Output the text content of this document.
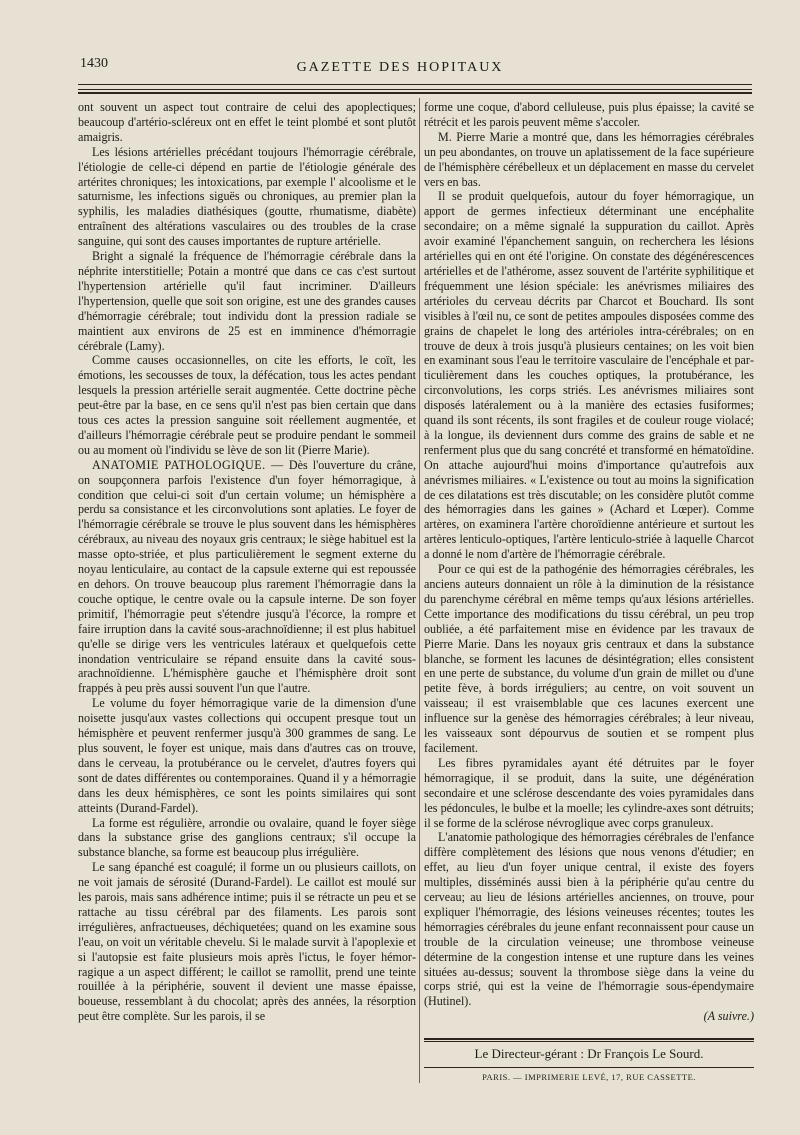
1430	GAZETTE DES HOPITAUX

ont souvent un aspect tout contraire de celui des apoplectiques; beaucoup d'artério-scléreux ont en effet le teint plombé et sont plutôt amaigris.

Les lésions artérielles précédant toujours l'hémorragie cérébrale, l'étiologie de celle-ci dépend en partie de l'étiologie générale des artérites chroniques; les intoxications, par exemple l' alcoolisme et le saturnisme, les infections siguës ou chroniques, au premier plan la syphilis, les maladies diathésiques (goutte, rhumatisme, diabète) entraînent des altérations vasculaires ou des troubles de la crase sanguine, qui sont des causes importantes de rupture artérielle.

Bright a signalé la fréquence de l'hémorragie cérébrale dans la néphrite interstitielle; Potain a montré que dans ce cas c'est surtout l'hypertension artérielle qu'il faut incriminer. D'ailleurs l'hypertension, quelle que soit son origine, est une des grandes causes d'hémorragie cérébrale; tout individu dont la pression radiale se maintient aux environs de 25 est en imminence d'hémorragie cérébrale (Lamy).

Comme causes occasionnelles, on cite les efforts, le coït, les émotions, les secousses de toux, la défécation, tous les actes pendant lesquels la pression artérielle serait augmentée. Cette doctrine pèche peut-être par la base, en ce sens qu'il n'est pas bien certain que dans tous ces actes la pression sanguine soit réellement augmentée, et d'ailleurs l'hémorragie cérébrale peut se produire pendant le sommeil ou au moment où l'individu se lève de son lit (Pierre Marie).

ANATOMIE PATHOLOGIQUE. — Dès l'ouverture du crâne, on soupçonnera parfois l'existence d'un foyer hémorragique, à condition que celui-ci soit d'un certain volume; un hémisphère a perdu sa consistance et les circonvolutions sont aplaties. Le foyer de l'hémorragie cérébrale se trouve le plus souvent dans les hémisphères cérébraux, au niveau des noyaux gris centraux; le siège habituel est la masse opto-striée, et plus particulièrement le segment externe du noyau lenticulaire, au contact de la capsule externe qui est repoussée en dehors. On trouve beaucoup plus rarement l'hémorragie dans la couche optique, le centre ovale ou la capsule interne. De son foyer primitif, l'hémorragie peut s'étendre jusqu'à l'écorce, la rompre et faire irruption dans la cavité sous-arachnoïdienne; il est plus habituel qu'elle se dirige vers les ventricules latéraux et quelquefois cette inondation ventriculaire se répand ensuite dans la cavité sous-arachnoïdienne. L'hémisphère gauche et l'hémisphère droit sont frappés à peu près aussi souvent l'un que l'autre.

Le volume du foyer hémorragique varie de la dimension d'une noisette jusqu'aux vastes collections qui occupent presque tout un hémisphère et peuvent renfermer jusqu'à 300 grammes de sang. Le plus souvent, le foyer est unique, mais dans d'autres cas on trouve, dans le cerveau, la protubérance ou le cervelet, d'autres foyers qui sont de dates différentes ou contemporaines. Quand il y a hémorragie dans les deux hémisphères, ce sont les points similaires qui sont atteints (Durand-Fardel).

La forme est régulière, arrondie ou ovalaire, quand le foyer siège dans la substance grise des ganglions centraux; s'il occupe la substance blanche, sa forme est beaucoup plus irrégulière.

Le sang épanché est coagulé; il forme un ou plusieurs caillots, on ne voit jamais de sérosité (Durand-Fardel). Le caillot est moulé sur les parois, mais sans adhérence intime; puis il se rétracte un peu et se rattache au tissu cérébral par des filaments. Les parois sont irrégulières, anfractueuses, déchiquetées; quand on les examine sous l'eau, on voit un véritable chevelu. Si le malade survit à l'apoplexie et si l'autopsie est faite plusieurs mois après l'ictus, le foyer hémorragique a un aspect différent; le caillot se ramollit, prend une teinte rouillée à la périphérie, souvent il devient une masse épaisse, boueuse, ressemblant à du chocolat; après des années, la résorption peut être complète. Sur les parois, il se

forme une coque, d'abord celluleuse, puis plus épaisse; la cavité se rétrécit et les parois peuvent même s'accoler.

M. Pierre Marie a montré que, dans les hémorragies cérébrales un peu abondantes, on trouve un aplatissement de la face supérieure de l'hémisphère cérébelleux et un déplacement en masse du cervelet vers en bas.

Il se produit quelquefois, autour du foyer hémorragique, un apport de germes infectieux déterminant une encéphalite secondaire; on a même signalé la suppuration du caillot. Après avoir examiné l'épanchement sanguin, on recherchera les lésions artérielles qui en ont été l'origine. On constate des dégénérescences artérielles et de l'athérome, assez souvent de l'artérite syphilitique et fréquemment une lésion spéciale: les anévrismes miliaires des artérioles du cerveau décrits par Charcot et Bouchard. Ils sont visibles à l'œil nu, ce sont de petites ampoules disposées comme des grains de chapelet le long des artérioles intra-cérébrales; on en trouve de deux à trois jusqu'à plusieurs centaines; on les voit bien en examinant sous l'eau le territoire vasculaire de l'encéphale et particulièrement dans les couches optiques, la protubérance, les circonvolutions, les corps striés. Les anévrismes miliaires sont disposés latéralement ou à la manière des ectasies fusiformes; quand ils sont récents, ils sont fragiles et de couleur rouge violacé; à la longue, ils deviennent durs comme des grains de sable et ne renferment plus que du sang concrété et transformé en hématoïdine. On attache aujourd'hui moins d'importance qu'autrefois aux anévrismes miliaires. « L'existence ou tout au moins la signification de ces dilatations est très discutable; on les considère plutôt comme des hémorragies dans les gaines » (Achard et Lœper). Comme artères, on examinera l'artère choroïdienne antérieure et surtout les artères lenticulo-optiques, l'artère lenticulo-striée à laquelle Charcot a donné le nom d'artère de l'hémorragie cérébrale.

Pour ce qui est de la pathogénie des hémorragies cérébrales, les anciens auteurs donnaient un rôle à la diminution de la résistance du parenchyme cérébral en même temps qu'aux lésions artérielles. Cette importance des modifications du tissu cérébral, un peu trop oubliée, a été parfaitement mise en évidence par les travaux de Pierre Marie. Dans les noyaux gris centraux et dans la substance blanche, se forment les lacunes de désintégration; elles consistent en une perte de substance, du volume d'un grain de millet ou d'une petite fève, à bords irréguliers; au centre, on voit souvent un vaisseau; il est vraisemblable que ces lacunes exercent une influence sur la genèse des hémorragies cérébrales; à leur niveau, les vaisseaux sont dépourvus de soutien et se rompent plus facilement.

Les fibres pyramidales ayant été détruites par le foyer hémorragique, il se produit, dans la suite, une dégénération secondaire et une sclérose descendante des voies pyramidales dans les pédoncules, le bulbe et la moelle; les cylindre-axes sont détruits; il se forme de la sclérose névroglique avec corps granuleux.

L'anatomie pathologique des hémorragies cérébrales de l'enfance diffère complètement des lésions que nous venons d'étudier; en effet, au lieu d'un foyer unique central, il existe des foyers multiples, disséminés aussi bien à la périphérie qu'au centre du cerveau; au lieu de lésions artérielles anciennes, on trouve, pour expliquer l'hémorragie, des lésions veineuses récentes; toutes les hémorragies cérébrales du jeune enfant reconnaissent pour cause un trouble de la circulation veineuse; une thrombose veineuse détermine de la congestion intense et une rupture dans les veines situées au-dessus; souvent la thrombose siège dans la veine du corps strié, qui est la veine de l'hémorragie sous-épendymaire (Hutinel).

(A suivre.)

Le Directeur-gérant : Dr François Le Sourd.
PARIS. — IMPRIMERIE LEVÉ, 17, RUE CASSETTE.
